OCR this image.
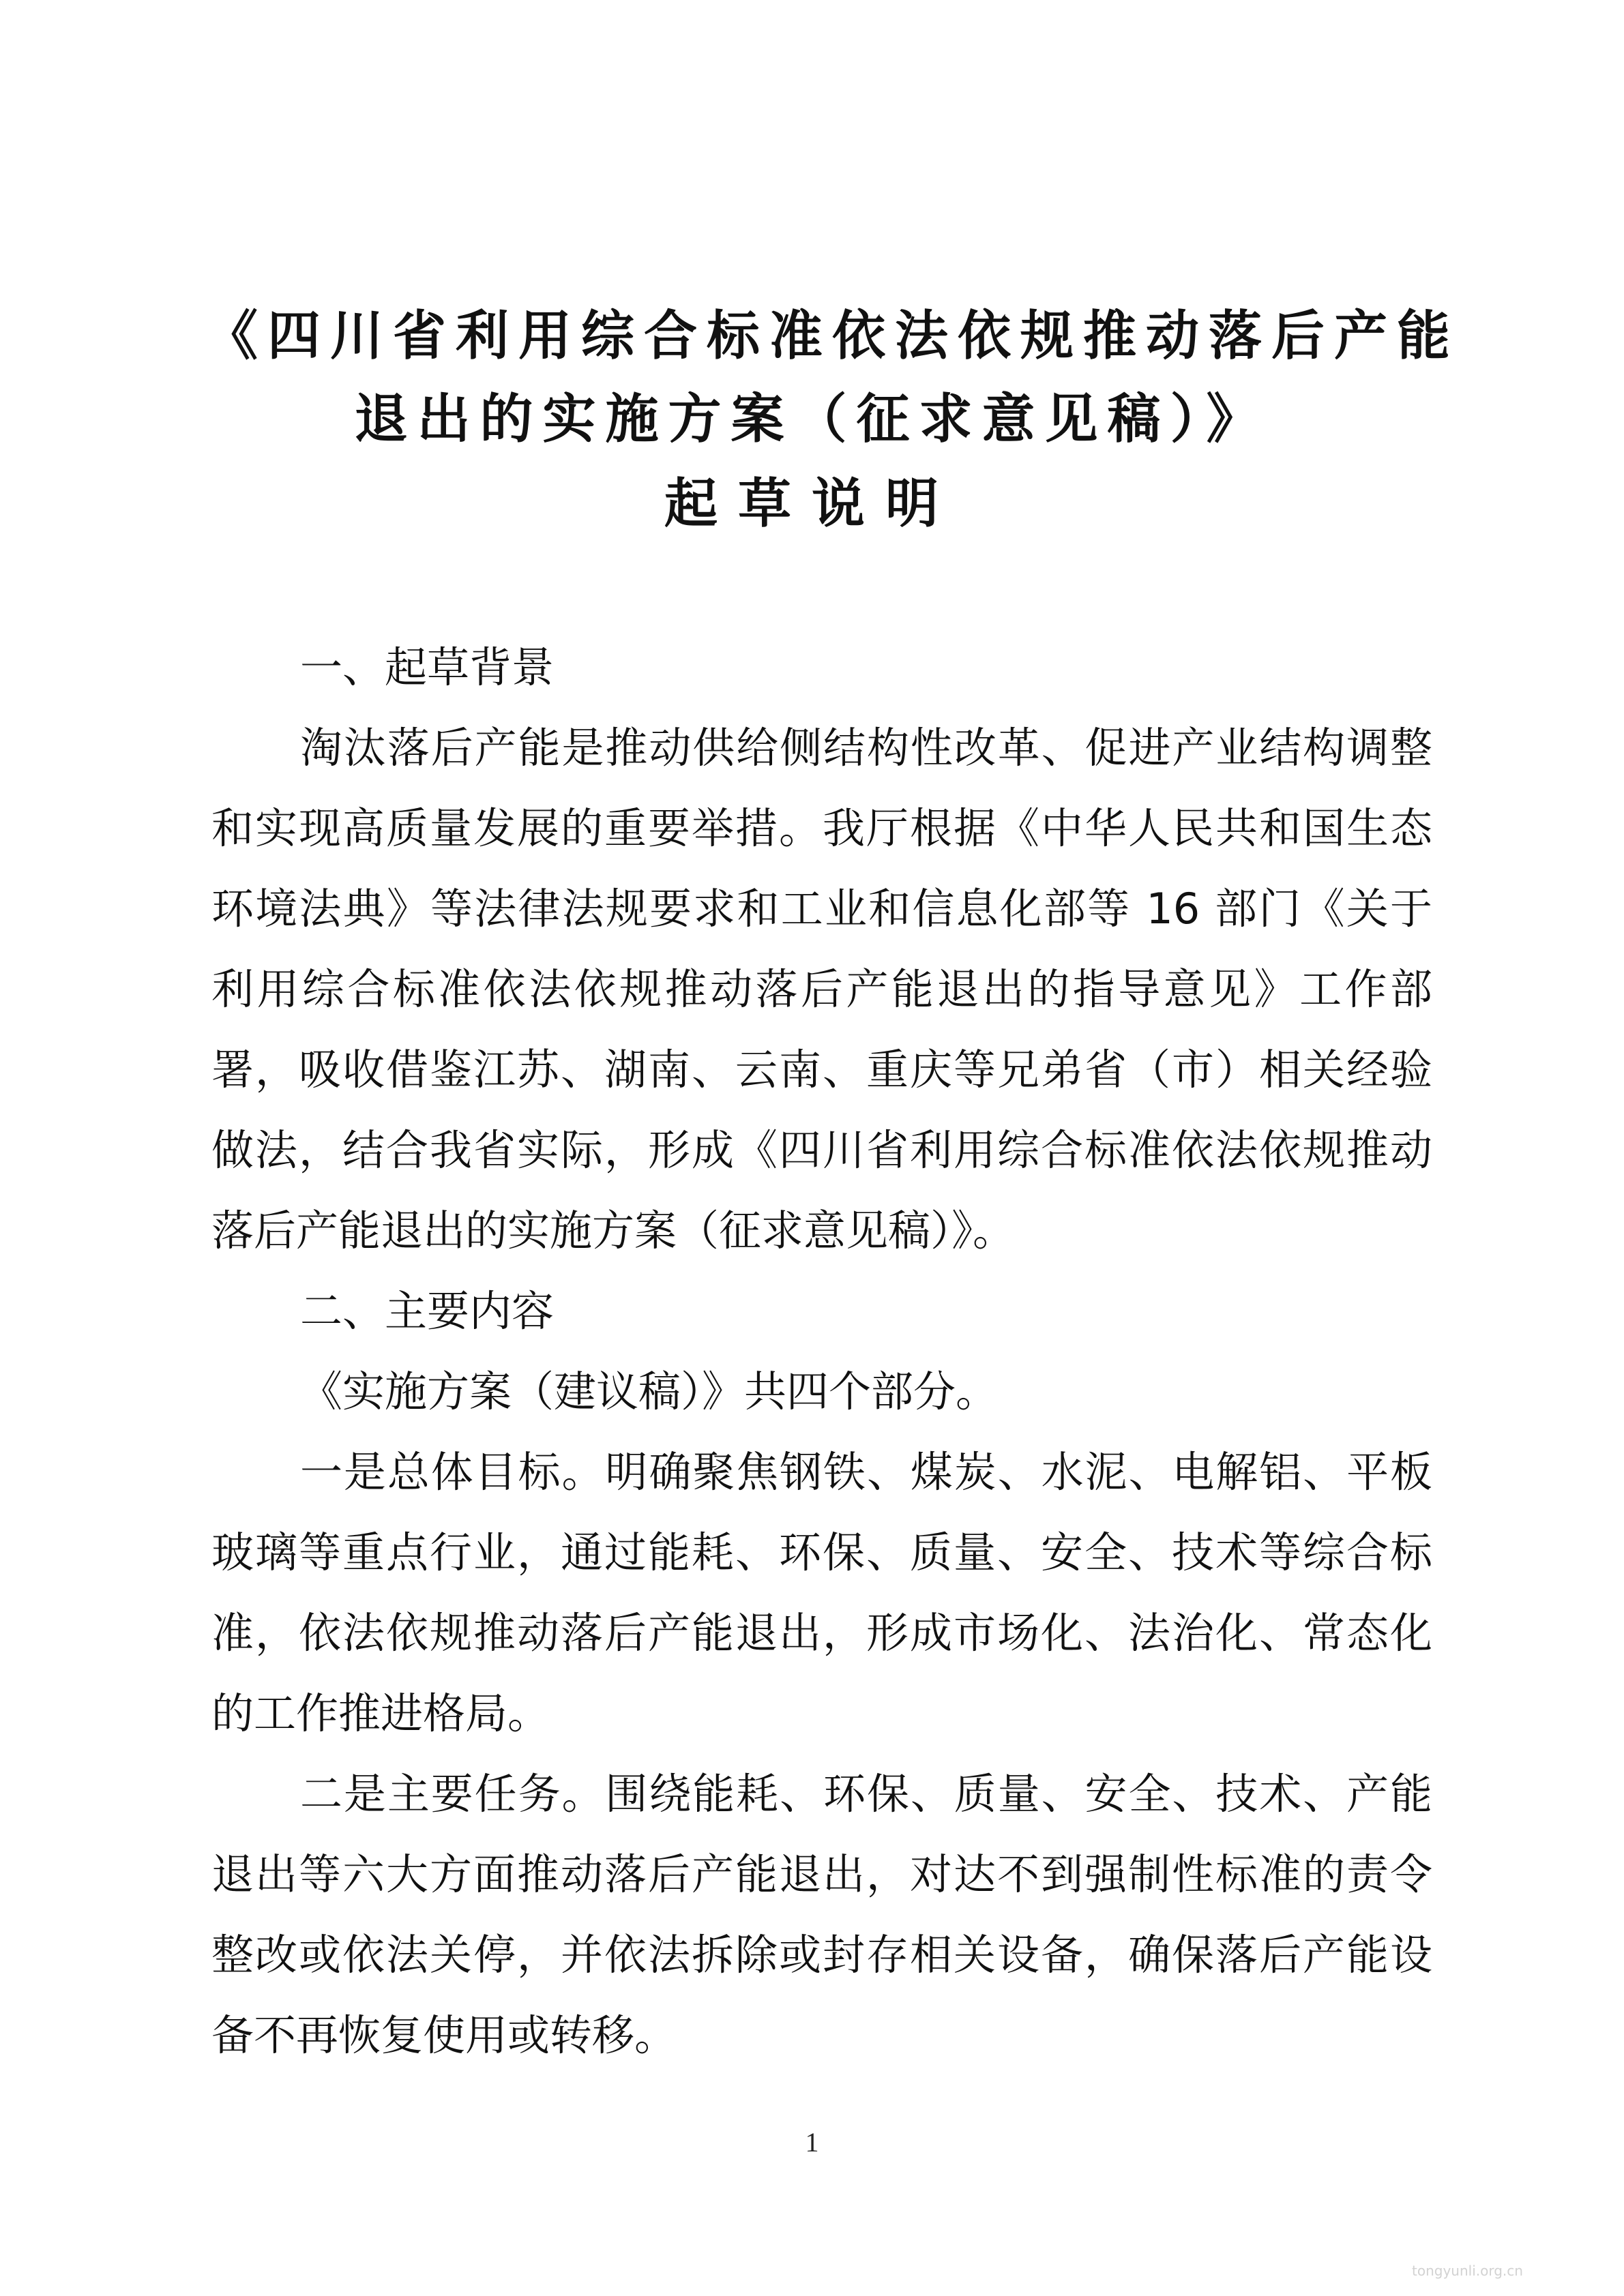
《四川省利用综合标准依法依规推动落后产能
退出的实施方案（征求意见稿）》
起草说明
一、起草背景
淘汰落后产能是推动供给侧结构性改革、促进产业结构调整和实现高质量发展的重要举措。我厅根据《中华人民共和国生态环境法典》等法律法规要求和工业和信息化部等 16 部门《关于利用综合标准依法依规推动落后产能退出的指导意见》工作部署，吸收借鉴江苏、湖南、云南、重庆等兄弟省（市）相关经验做法，结合我省实际，形成《四川省利用综合标准依法依规推动落后产能退出的实施方案（征求意见稿）》。
二、主要内容
《实施方案（建议稿）》共四个部分。
一是总体目标。明确聚焦钢铁、煤炭、水泥、电解铝、平板玻璃等重点行业，通过能耗、环保、质量、安全、技术等综合标准，依法依规推动落后产能退出，形成市场化、法治化、常态化的工作推进格局。
二是主要任务。围绕能耗、环保、质量、安全、技术、产能退出等六大方面推动落后产能退出，对达不到强制性标准的责令整改或依法关停，并依法拆除或封存相关设备，确保落后产能设备不再恢复使用或转移。
1
tongyunli.org.cn
